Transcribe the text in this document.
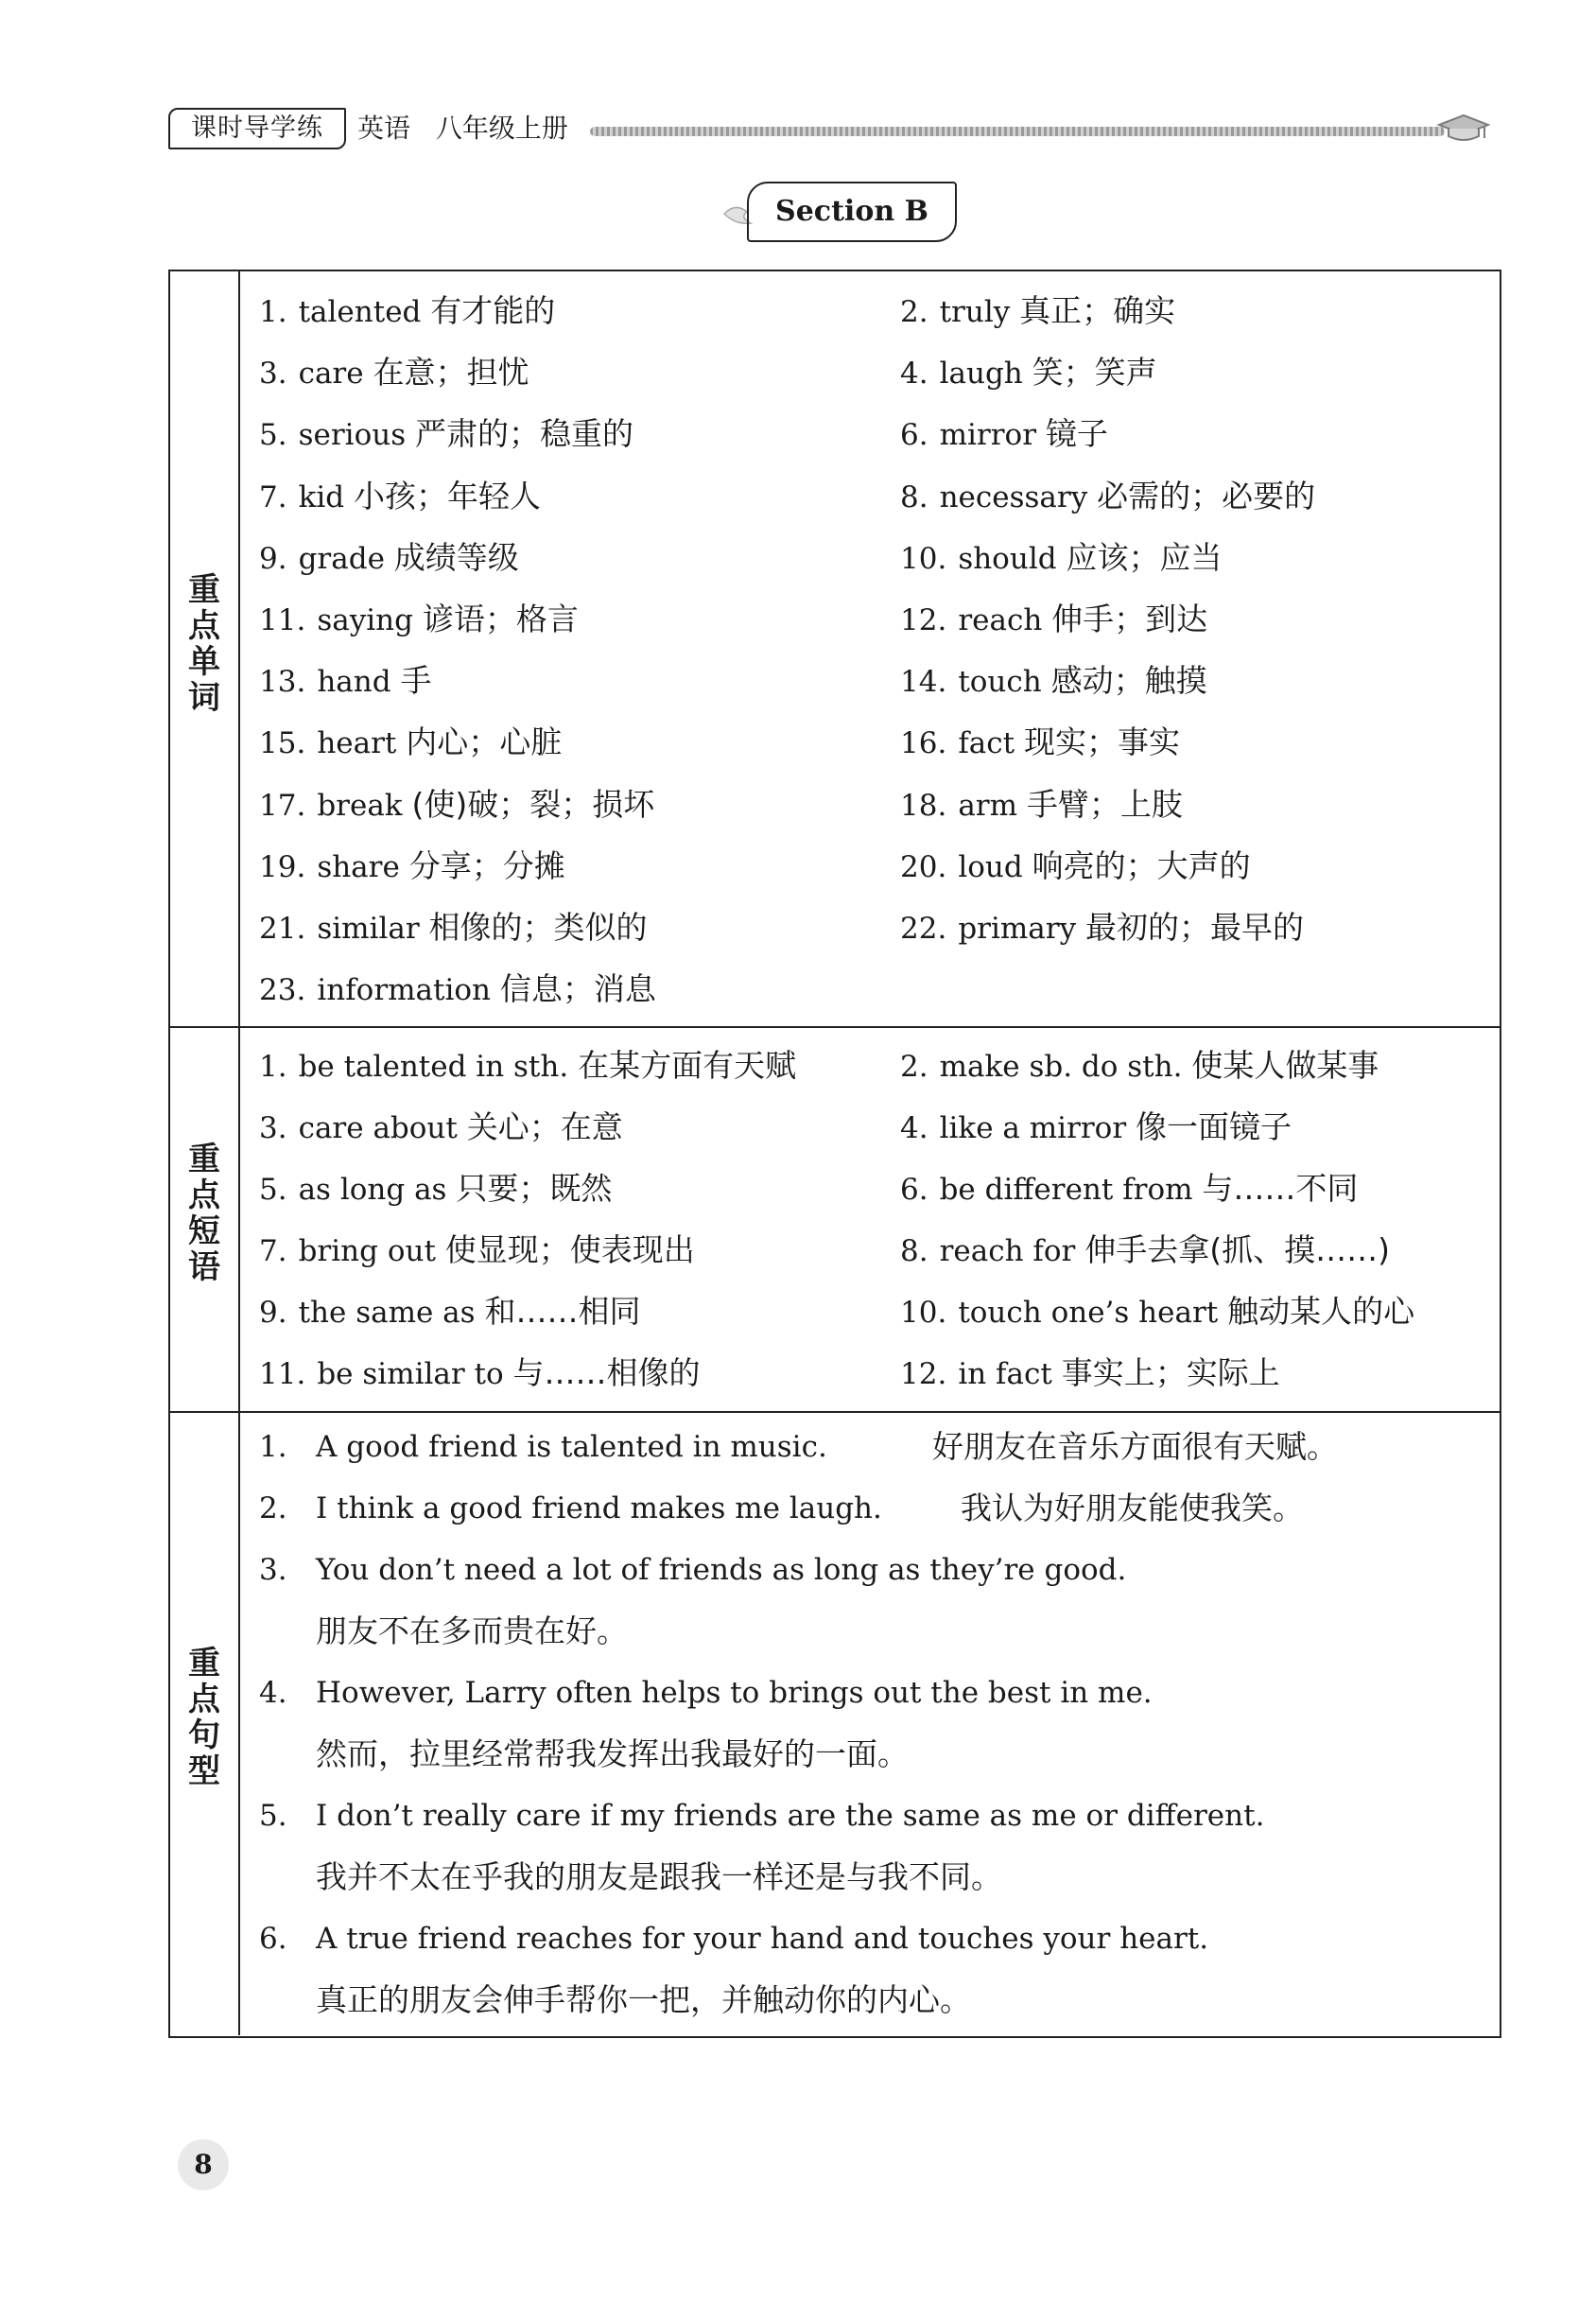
课时导学练	英语 八年级上册
Section B
重
点
单
词
1. talented 有才能的	2. truly 真正；确实
3. care 在意；担忧	4. laugh 笑；笑声
5. serious 严肃的；稳重的	6. mirror 镜子
7. kid 小孩；年轻人	8. necessary 必需的；必要的
9. grade 成绩等级	10. should 应该；应当
11. saying 谚语；格言	12. reach 伸手；到达
13. hand 手	14. touch 感动；触摸
15. heart 内心；心脏	16. fact 现实；事实
17. break (使)破；裂；损坏	18. arm 手臂；上肢
19. share 分享；分摊	20. loud 响亮的；大声的
21. similar 相像的；类似的	22. primary 最初的；最早的
23. information 信息；消息
重
点
短
语
1. be talented in sth. 在某方面有天赋	2. make sb. do sth. 使某人做某事
3. care about 关心；在意	4. like a mirror 像一面镜子
5. as long as 只要；既然	6. be different from 与……不同
7. bring out 使显现；使表现出	8. reach for 伸手去拿(抓、摸……)
9. the same as 和……相同	10. touch one’s heart 触动某人的心
11. be similar to 与……相像的	12. in fact 事实上；实际上
重
点
句
型
1. A good friend is talented in music.	好朋友在音乐方面很有天赋。
2. I think a good friend makes me laugh.	我认为好朋友能使我笑。
3. You don’t need a lot of friends as long as they’re good.
朋友不在多而贵在好。
4. However, Larry often helps to brings out the best in me.
然而，拉里经常帮我发挥出我最好的一面。
5. I don’t really care if my friends are the same as me or different.
我并不太在乎我的朋友是跟我一样还是与我不同。
6. A true friend reaches for your hand and touches your heart.
真正的朋友会伸手帮你一把，并触动你的内心。
8
